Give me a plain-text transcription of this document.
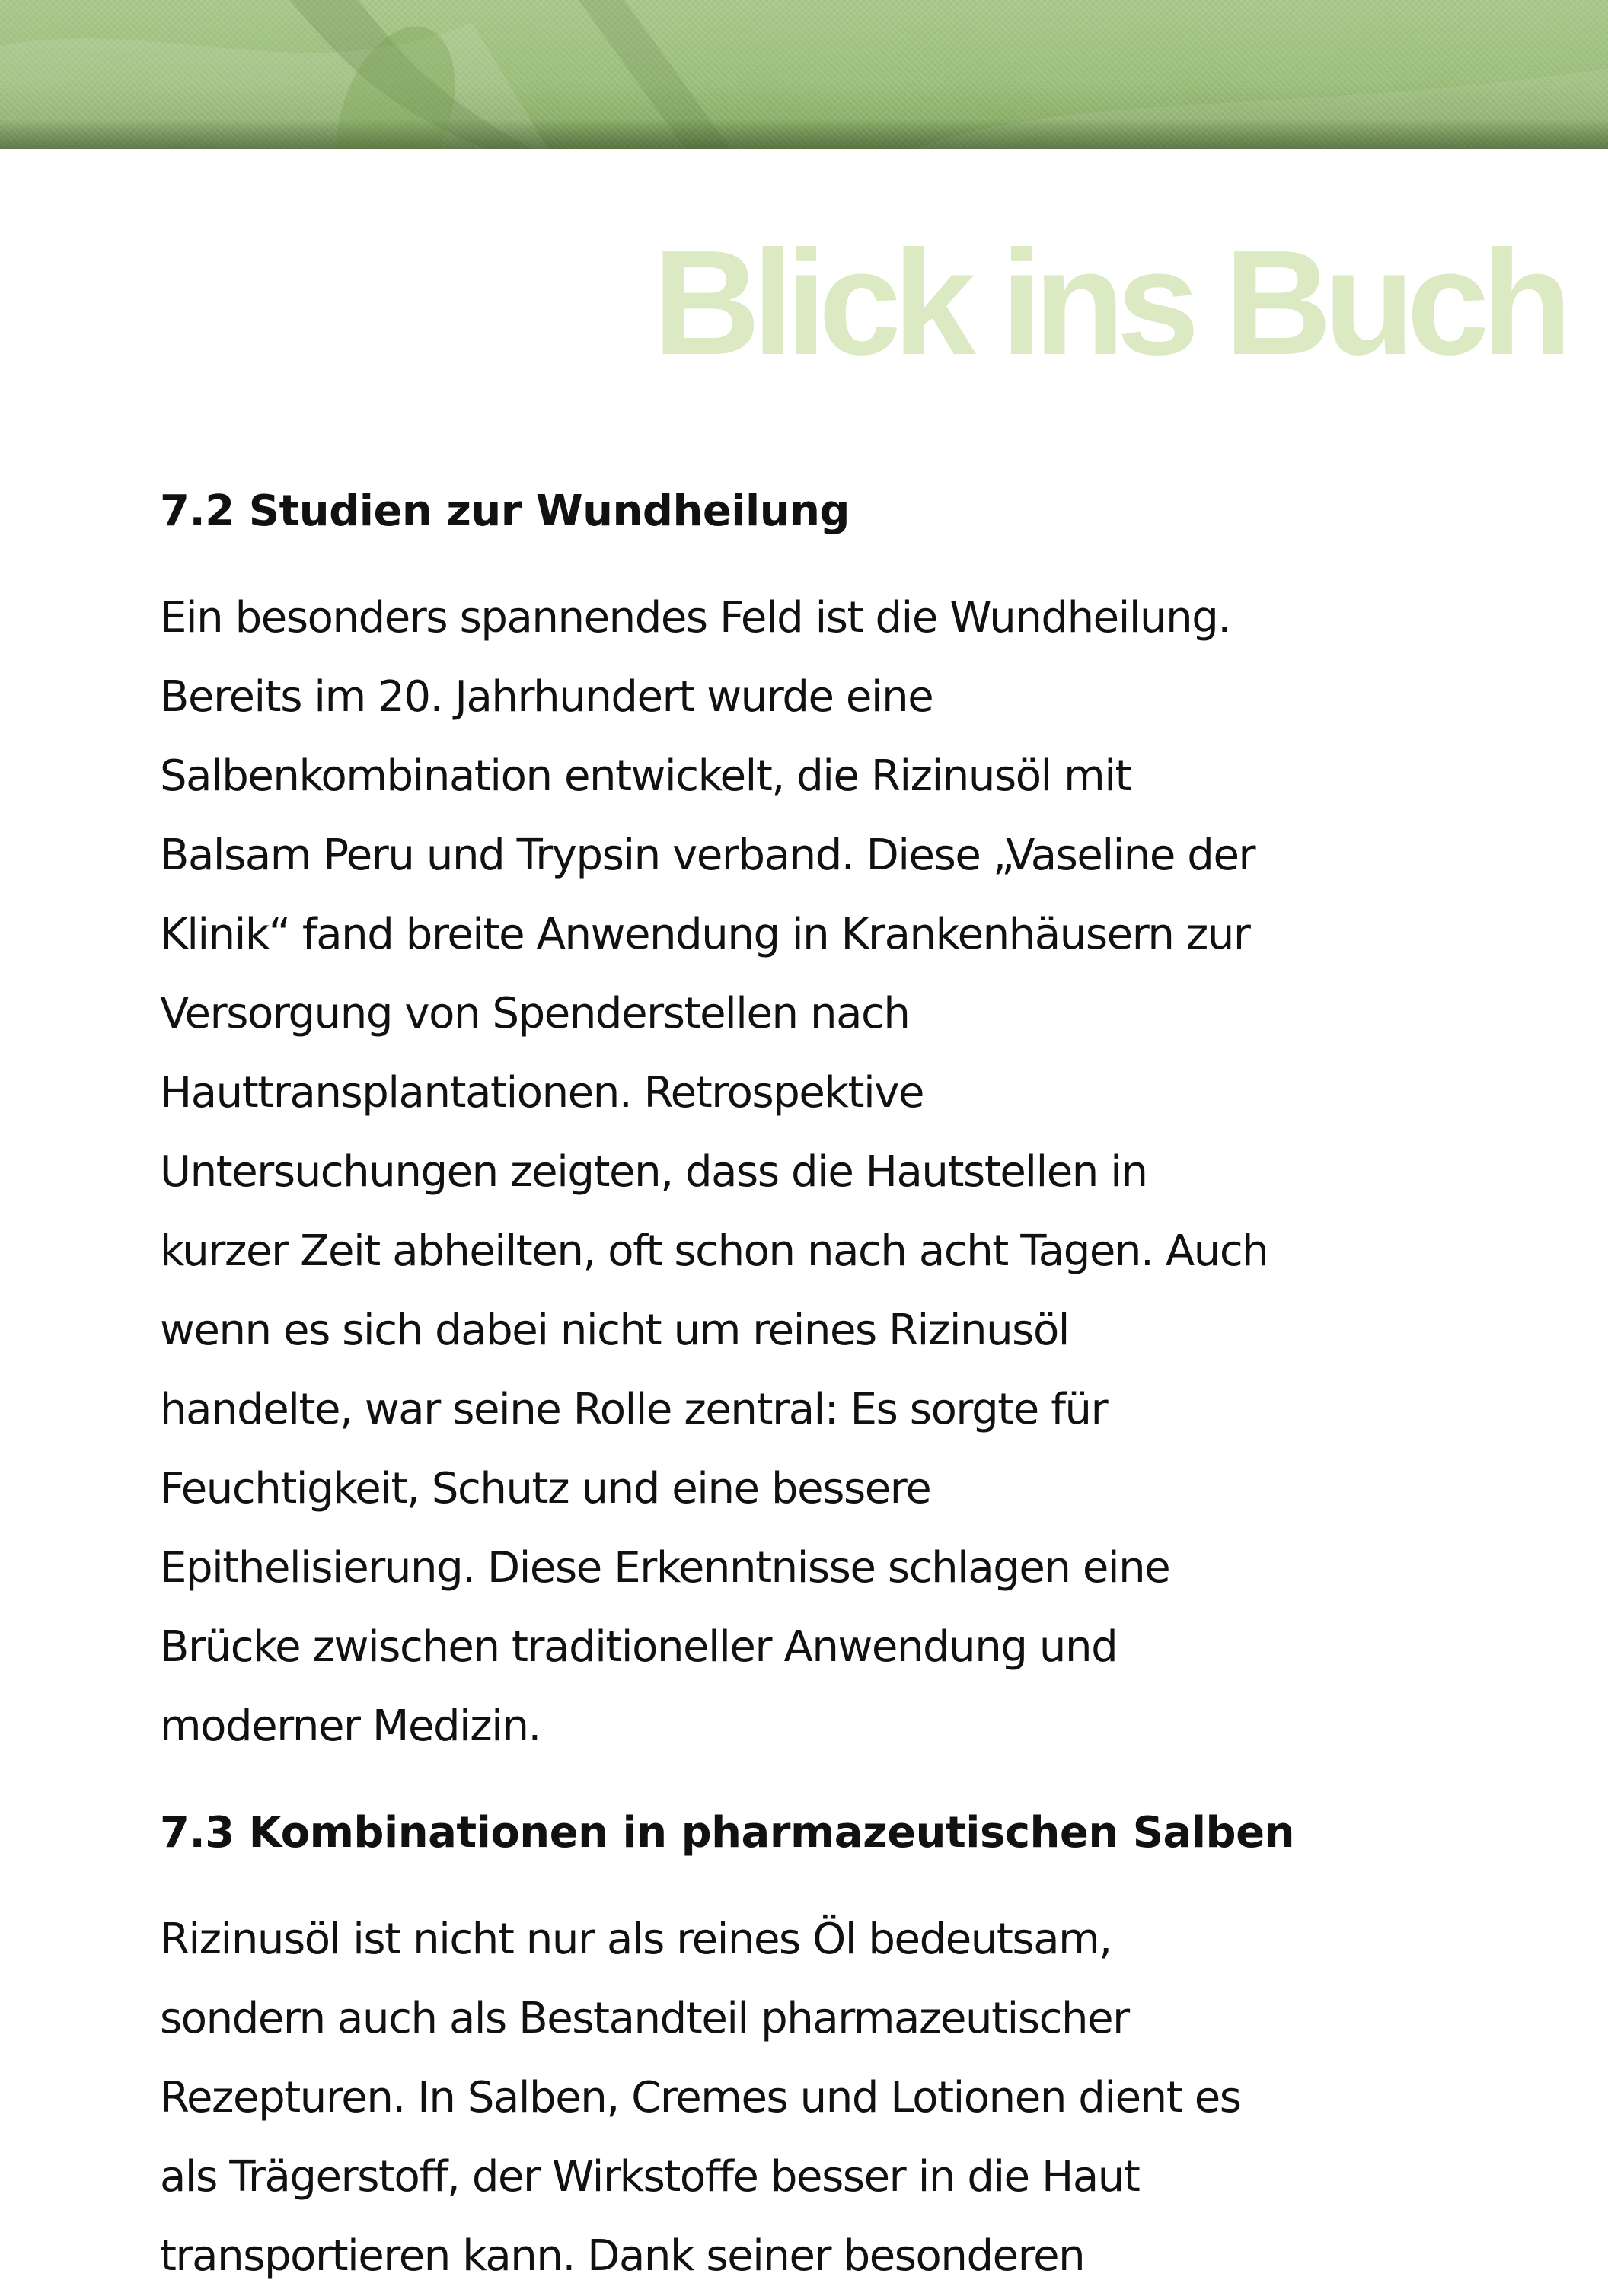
Blick ins Buch
7.2 Studien zur Wundheilung

Ein besonders spannendes Feld ist die Wundheilung.
Bereits im 20. Jahrhundert wurde eine
Salbenkombination entwickelt, die Rizinusöl mit
Balsam Peru und Trypsin verband. Diese „Vaseline der
Klinik“ fand breite Anwendung in Krankenhäusern zur
Versorgung von Spenderstellen nach
Hauttransplantationen. Retrospektive
Untersuchungen zeigten, dass die Hautstellen in
kurzer Zeit abheilten, oft schon nach acht Tagen. Auch
wenn es sich dabei nicht um reines Rizinusöl
handelte, war seine Rolle zentral: Es sorgte für
Feuchtigkeit, Schutz und eine bessere
Epithelisierung. Diese Erkenntnisse schlagen eine
Brücke zwischen traditioneller Anwendung und
moderner Medizin.

7.3 Kombinationen in pharmazeutischen Salben

Rizinusöl ist nicht nur als reines Öl bedeutsam,
sondern auch als Bestandteil pharmazeutischer
Rezepturen. In Salben, Cremes und Lotionen dient es
als Trägerstoff, der Wirkstoffe besser in die Haut
transportieren kann. Dank seiner besonderen
